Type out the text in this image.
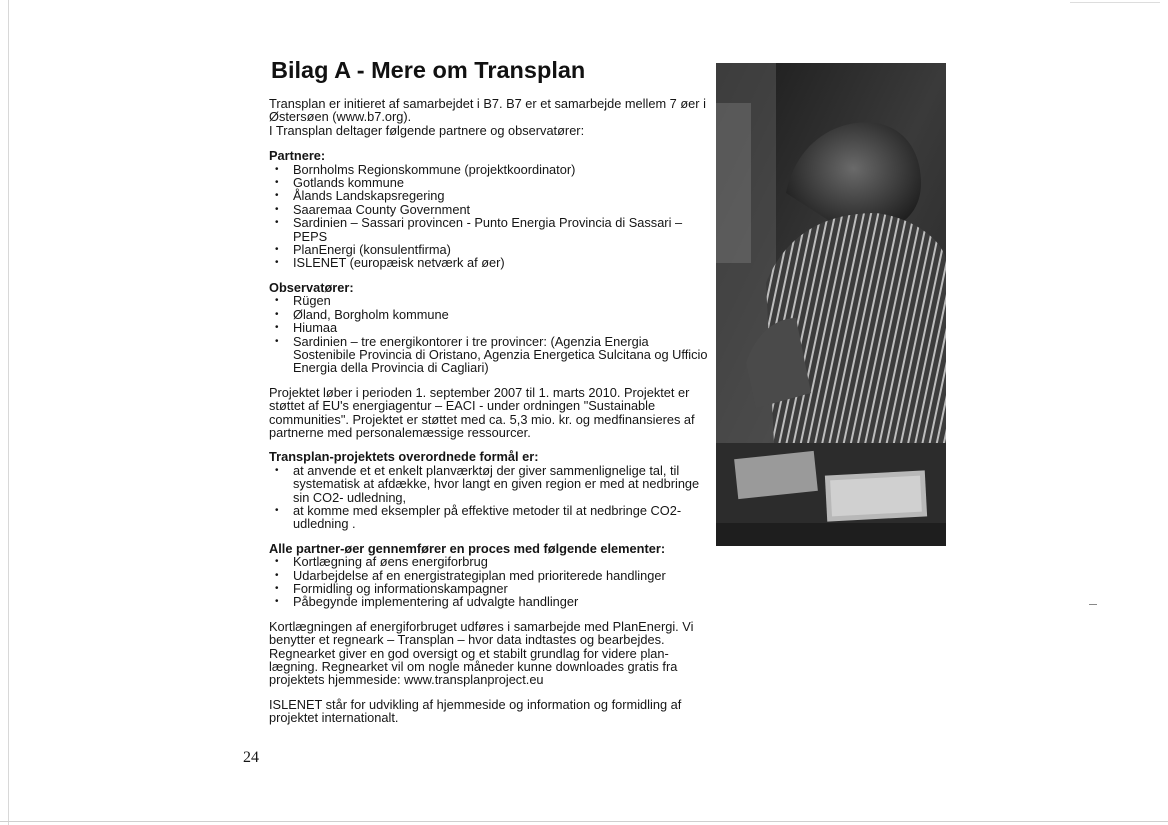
Bilag A - Mere om Transplan

Transplan er initieret af samarbejdet i B7. B7 er et samarbejde mellem 7 øer i Østersøen (www.b7.org).
I Transplan deltager følgende partnere og observatører:

Partnere:
• Bornholms Regionskommune (projektkoordinator)
• Gotlands kommune
• Ålands Landskapsregering
• Saaremaa County Government
• Sardinien – Sassari provincen - Punto Energia Provincia di Sassari – PEPS
• PlanEnergi (konsulentfirma)
• ISLENET (europæisk netværk af øer)
Observatører:
• Rügen
• Øland, Borgholm kommune
• Hiumaa
• Sardinien – tre energikontorer i tre provincer: (Agenzia Energia Sostenibile Provincia di Oristano, Agenzia Energetica Sulcitana og Ufficio Energia della Provincia di Cagliari)

Projektet løber i perioden 1. september 2007 til 1. marts 2010. Projektet er støttet af EU's energiagentur – EACI - under ordningen "Sustainable communities". Projektet er støttet med ca. 5,3 mio. kr. og medfinansieres af partnerne med personalemæssige ressourcer.

Transplan-projektets overordnede formål er:
• at anvende et et enkelt planværktøj der giver sammenlignelige tal, til systematisk at afdække, hvor langt en given region er med at nedbringe sin CO2- udledning,
• at komme med eksempler på effektive metoder til at nedbringe CO2- udledning .
Alle partner-øer gennemfører en proces med følgende elementer:
• Kortlægning af øens energiforbrug
• Udarbejdelse af en energistrategiplan med prioriterede handlinger
• Formidling og informationskampagner
• Påbegynde implementering af udvalgte handlinger

Kortlægningen af energiforbruget udføres i samarbejde med PlanEnergi. Vi benytter et regneark – Transplan – hvor data indtastes og bearbejdes. Regnearket giver en god oversigt og et stabilt grundlag for videre plan-lægning. Regnearket vil om nogle måneder kunne downloades gratis fra projektets hjemmeside: www.transplanproject.eu

ISLENET står for udvikling af hjemmeside og information og formidling af projektet internationalt.

24
